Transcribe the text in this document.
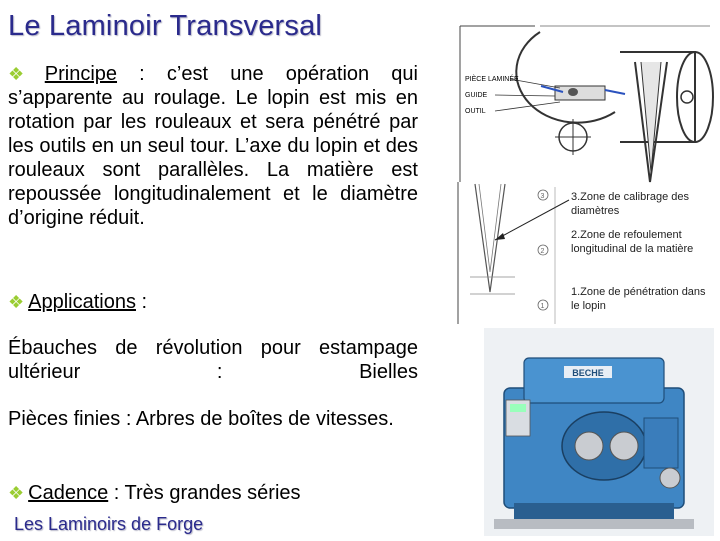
Le Laminoir Transversal
❖ Principe : c’est une opération qui s’apparente au roulage. Le lopin est mis en rotation par les rouleaux et sera pénétré par les outils en un seul tour. L’axe du lopin et des rouleaux sont parallèles. La matière est repoussée longitudinalement et le diamètre d’origine réduit.
❖ Applications :
Ébauches de révolution pour estampage ultérieur : Bielles
Pièces finies : Arbres de boîtes de vitesses.
❖ Cadence : Très grandes séries
Les Laminoirs de Forge
PIÈCE LAMINÉE
GUIDE
OUTIL
3
2
1
3.Zone de calibrage des diamètres
2.Zone de refoulement longitudinal de la matière
1.Zone de pénétration dans le lopin
BECHE
